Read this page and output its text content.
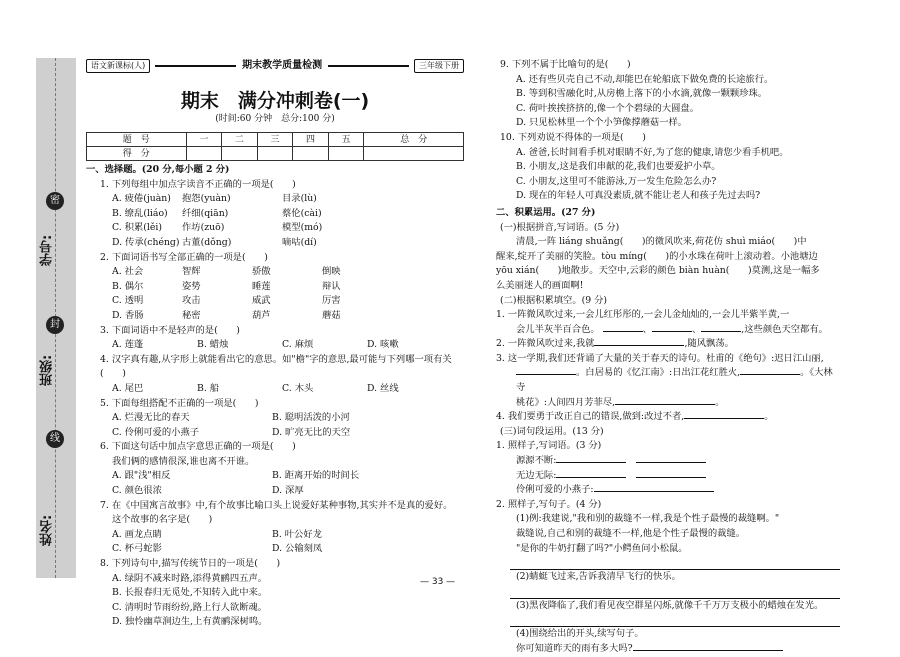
密
封
线
学号:
班级:
姓名:
语文新课标(人)	期末教学质量检测	三年级下册
期末　满分冲刺卷(一)
(时间:60 分钟　总分:100 分)
题　号	一	二	三	四	五	总　分
得　分						
一、选择题。(20 分,每小题 2 分)
1. 下列每组中加点字读音不正确的一项是(　　)
A. 疲倦(juàn)	抱怨(yuàn)	目录(lù)
B. 缭乱(liáo)	纤细(qiān)	蔡伦(cài)
C. 积累(lěi)	作坊(zuō)	模型(mó)
D. 传承(chéng) 古董(dǒng)	嘀咕(dí)
2. 下面词语书写全部正确的一项是(　　)
A. 社会	智辉	骄傲	倒映
B. 偶尔	姿势	睡莲	辩认
C. 透明	攻击	威武	厉害
D. 香肠	秘密	葫芦	蘑菇
3. 下面词语中不是轻声的是(　　)
A. 莲蓬	B. 蜡烛	C. 麻烦	D. 咳嗽
4. 汉字真有趣,从字形上就能看出它的意思。如"檐"字的意思,最可能与下列哪一项有关(　　)
A. 尾巴	B. 船	C. 木头	D. 丝线
5. 下面每组搭配不正确的一项是(　　)
A. 烂漫无比的春天	B. 聪明活泼的小河
C. 伶俐可爱的小燕子	D. 旷亮无比的天空
6. 下面这句话中加点字意思正确的一项是(　　)
我们俩的感情很深,谁也离不开谁。
A. 跟"浅"相反	B. 距离开始的时间长
C. 颜色很浓	D. 深厚
7. 在《中国寓言故事》中,有个故事比喻口头上说爱好某种事物,其实并不是真的爱好。
这个故事的名字是(　　)
A. 画龙点睛	B. 叶公好龙
C. 杯弓蛇影	D. 公输刻凤
8. 下列诗句中,描写传统节日的一项是(　　)
A. 绿阴不减来时路,添得黄鹂四五声。
B. 长报春归无觅处,不知转入此中来。
C. 清明时节雨纷纷,路上行人欲断魂。
D. 独怜幽草涧边生,上有黄鹂深树鸣。
9. 下列不属于比喻句的是(　　)
A. 还有些贝壳自己不动,却能巴在轮船底下做免费的长途旅行。
B. 等到积雪融化时,从房檐上落下的小水滴,就像一颗颗珍珠。
C. 荷叶挨挨挤挤的,像一个个碧绿的大圆盘。
D. 只见松林里一个个小笋像撑蘑菇一样。
10. 下列劝说不得体的一项是(　　)
A. 爸爸,长时间看手机对眼睛不好,为了您的健康,请您少看手机吧。
B. 小朋友,这是我们串献的花,我们也要爱护小草。
C. 小朋友,这里可不能游泳,万一发生危险怎么办?
D. 现在的年轻人可真没素质,就不能让老人和孩子先过去吗?
二、积累运用。(27 分)
(一)根据拼音,写词语。(5 分)
清晨,一阵 liáng shuǎng(　　)的微风吹来,荷花仿 shuì miáo(　　)中
醒来,绽开了美丽的笑脸。tòu míng(　　)的小水珠在荷叶上滚动着。小池塘边
yōu xián(　　)地散步。天空中,云彩的颜色 biàn huàn(　　)莫测,这是一幅多
么美丽迷人的画面啊!
(二)根据积累填空。(9 分)
1. 一阵微风吹过来,一会儿红彤彤的,一会儿金灿灿的,一会儿半紫半黄,一
会儿半灰半百合色。	、	、	,这些颜色天空都有。
2. 一阵微风吹过来,我就	,随风飘荡。
3. 这一学期,我们还背诵了大量的关于春天的诗句。杜甫的《绝句》:迟日江山丽,
。白居易的《忆江南》:日出江花红胜火,	。《大林寺
桃花》:人间四月芳菲尽,	。
4. 我们要勇于改正自己的错误,做到:改过不者,	。
(三)词句段运用。(13 分)
1. 照样子,写词语。(3 分)
源源不断:　
无边无际:　
伶俐可爱的小燕子:
2. 照样子,写句子。(4 分)
(1)例:我建说,"我和别的裁缝不一样,我是个性子最慢的裁缝啊。"
裁缝说,自己和别的裁缝不一样,他是个性子最慢的裁缝。
"是你的牛奶打翻了吗?"小鳄鱼问小松鼠。
(2)蜻蜓飞过来,告诉我清早飞行的快乐。
(3)黑夜降临了,我们看见夜空群星闪烁,就像千千万万支极小的蜡烛在发光。
(4)围绕给出的开头,续写句子。
你可知道昨天的雨有多大吗?
— 33 —
